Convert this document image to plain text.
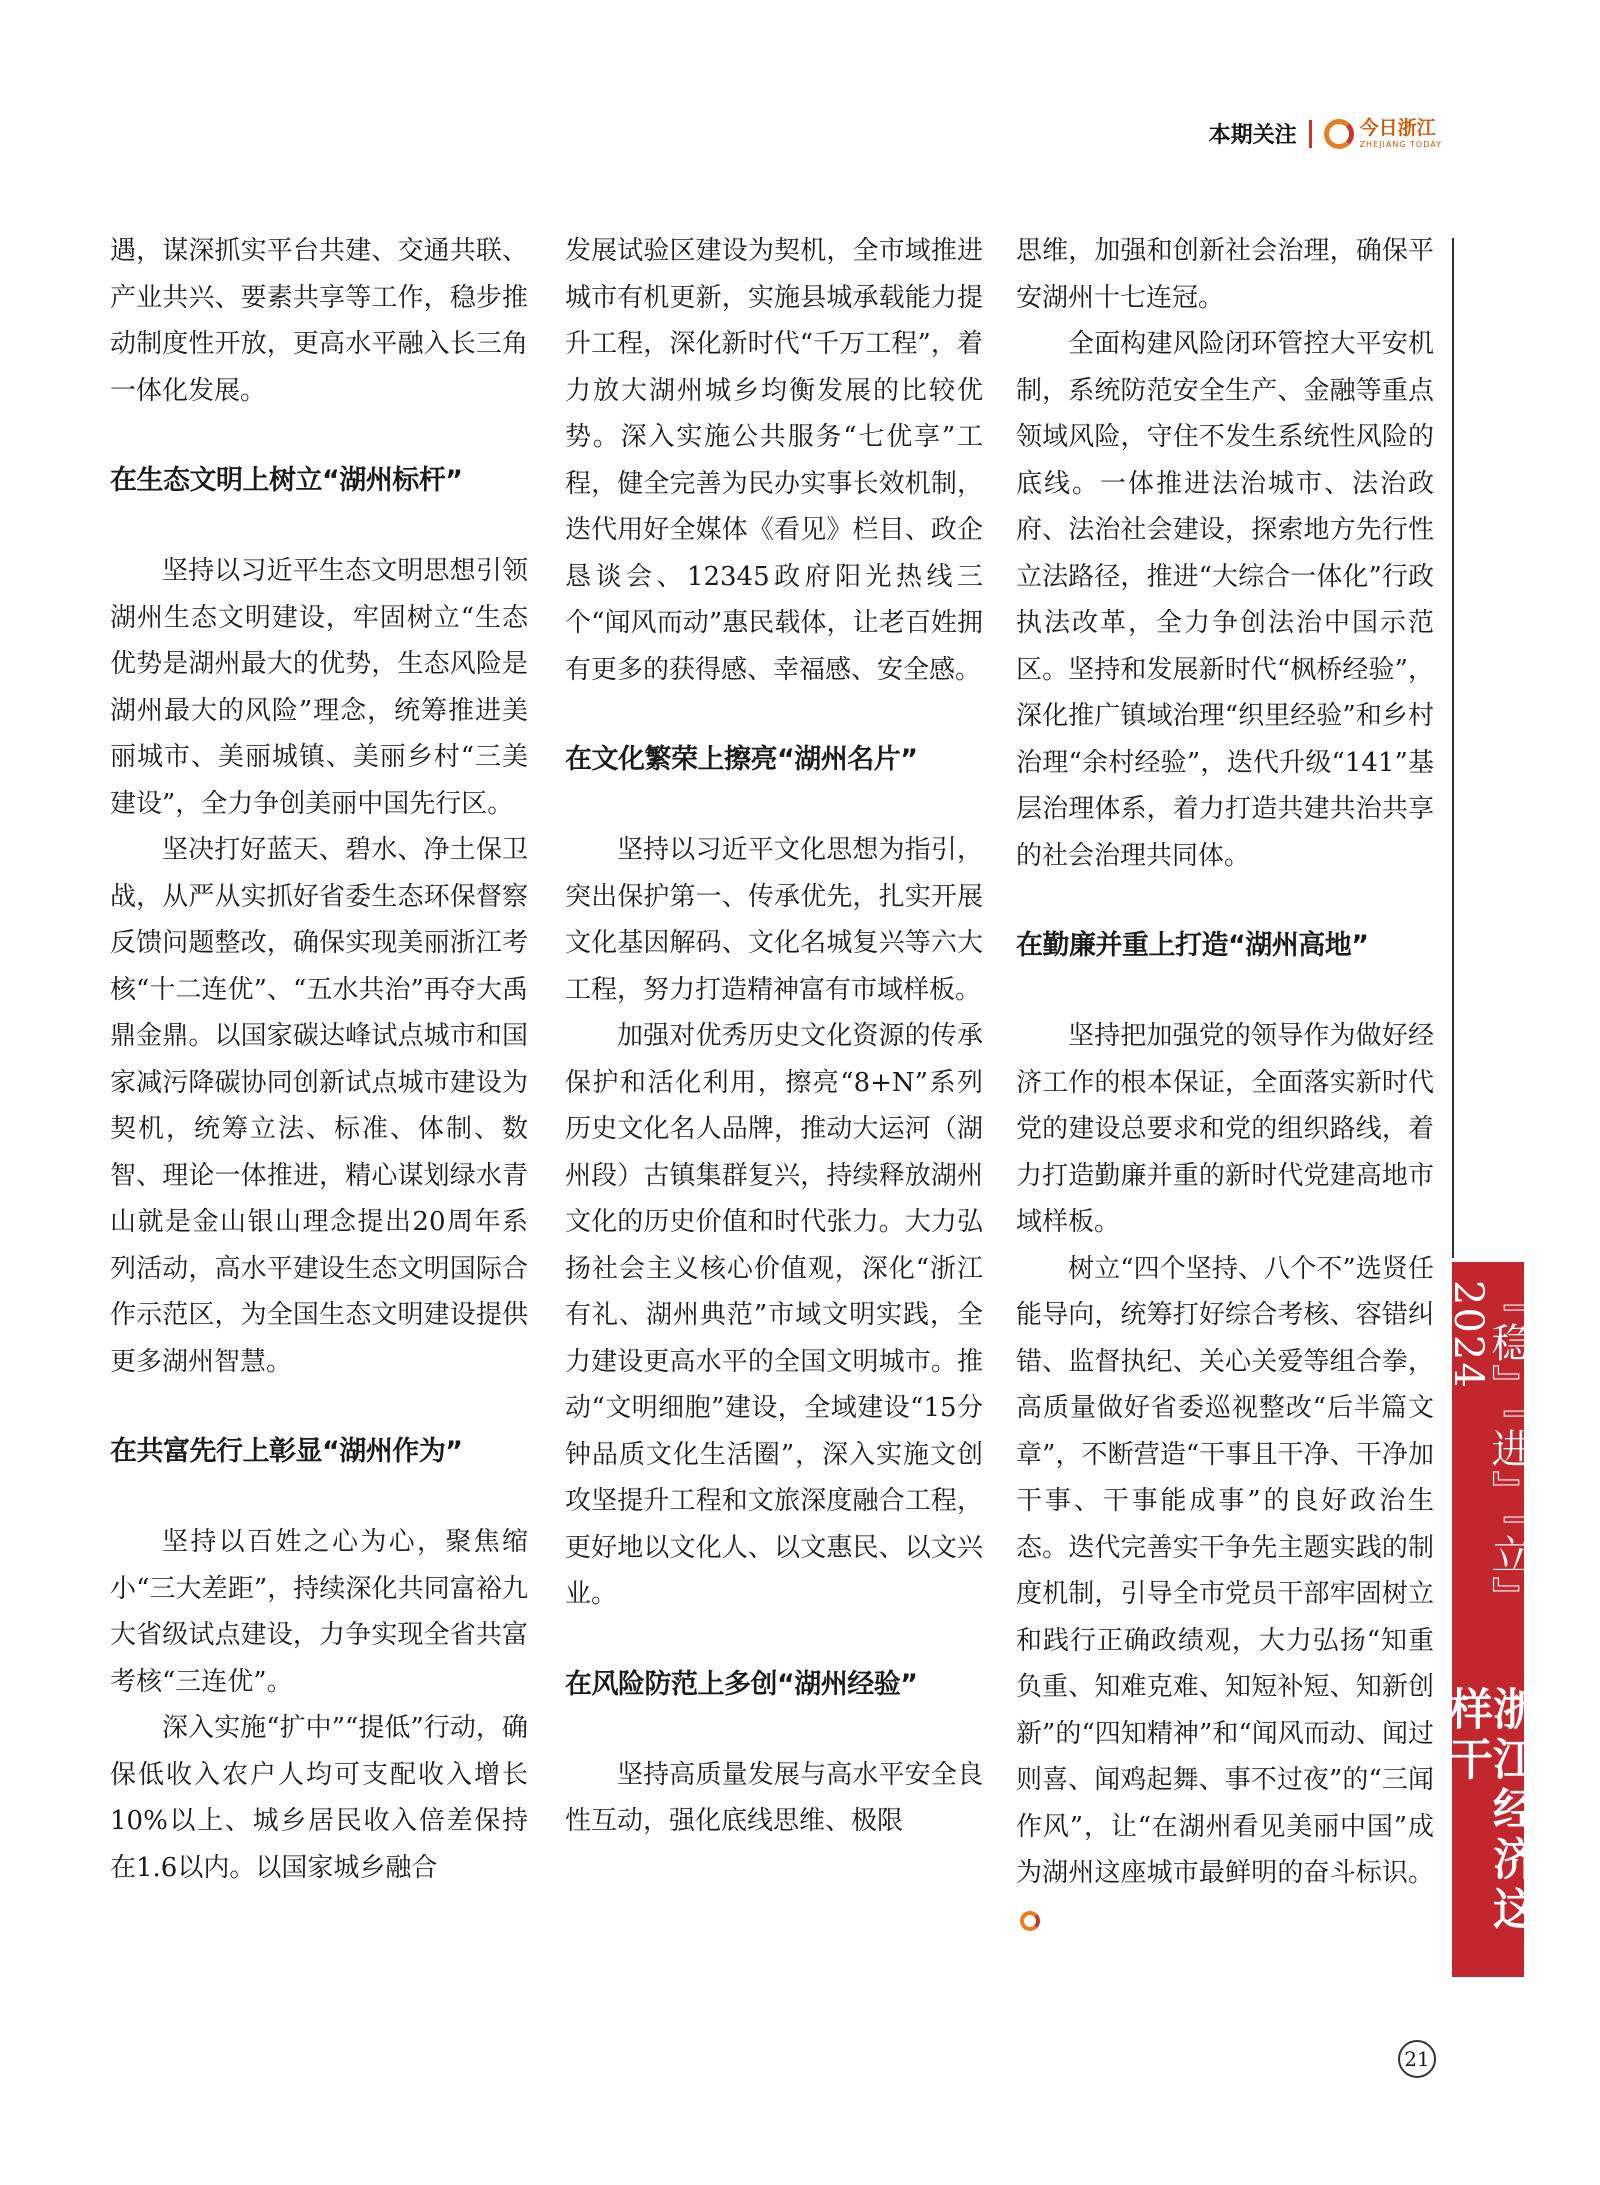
本期关注	今日浙江
ZHEJIANG TODAY

遇，谋深抓实平台共建、交通共联、产业共兴、要素共享等工作，稳步推动制度性开放，更高水平融入长三角一体化发展。

在生态文明上树立“湖州标杆”

坚持以习近平生态文明思想引领湖州生态文明建设，牢固树立“生态优势是湖州最大的优势，生态风险是湖州最大的风险”理念，统筹推进美丽城市、美丽城镇、美丽乡村“三美建设”，全力争创美丽中国先行区。

坚决打好蓝天、碧水、净土保卫战，从严从实抓好省委生态环保督察反馈问题整改，确保实现美丽浙江考核“十二连优”、“五水共治”再夺大禹鼎金鼎。以国家碳达峰试点城市和国家减污降碳协同创新试点城市建设为契机，统筹立法、标准、体制、数智、理论一体推进，精心谋划绿水青山就是金山银山理念提出20周年系列活动，高水平建设生态文明国际合作示范区，为全国生态文明建设提供更多湖州智慧。

在共富先行上彰显“湖州作为”

坚持以百姓之心为心，聚焦缩小“三大差距”，持续深化共同富裕九大省级试点建设，力争实现全省共富考核“三连优”。

深入实施“扩中”“提低”行动，确保低收入农户人均可支配收入增长10%以上、城乡居民收入倍差保持在1.6以内。以国家城乡融合

发展试验区建设为契机，全市域推进城市有机更新，实施县城承载能力提升工程，深化新时代“千万工程”，着力放大湖州城乡均衡发展的比较优势。深入实施公共服务“七优享”工程，健全完善为民办实事长效机制，迭代用好全媒体《看见》栏目、政企恳谈会、12345政府阳光热线三个“闻风而动”惠民载体，让老百姓拥有更多的获得感、幸福感、安全感。

在文化繁荣上擦亮“湖州名片”

坚持以习近平文化思想为指引，突出保护第一、传承优先，扎实开展文化基因解码、文化名城复兴等六大工程，努力打造精神富有市域样板。

加强对优秀历史文化资源的传承保护和活化利用，擦亮“8+N”系列历史文化名人品牌，推动大运河（湖州段）古镇集群复兴，持续释放湖州文化的历史价值和时代张力。大力弘扬社会主义核心价值观，深化“浙江有礼、湖州典范”市域文明实践，全力建设更高水平的全国文明城市。推动“文明细胞”建设，全域建设“15分钟品质文化生活圈”，深入实施文创攻坚提升工程和文旅深度融合工程，更好地以文化人、以文惠民、以文兴业。

在风险防范上多创“湖州经验”

坚持高质量发展与高水平安全良性互动，强化底线思维、极限

思维，加强和创新社会治理，确保平安湖州十七连冠。

全面构建风险闭环管控大平安机制，系统防范安全生产、金融等重点领域风险，守住不发生系统性风险的底线。一体推进法治城市、法治政府、法治社会建设，探索地方先行性立法路径，推进“大综合一体化”行政执法改革，全力争创法治中国示范区。坚持和发展新时代“枫桥经验”，深化推广镇域治理“织里经验”和乡村治理“余村经验”，迭代升级“141”基层治理体系，着力打造共建共治共享的社会治理共同体。

在勤廉并重上打造“湖州高地”

坚持把加强党的领导作为做好经济工作的根本保证，全面落实新时代党的建设总要求和党的组织路线，着力打造勤廉并重的新时代党建高地市域样板。

树立“四个坚持、八个不”选贤任能导向，统筹打好综合考核、容错纠错、监督执纪、关心关爱等组合拳，高质量做好省委巡视整改“后半篇文章”，不断营造“干事且干净、干净加干事、干事能成事”的良好政治生态。迭代完善实干争先主题实践的制度机制，引导全市党员干部牢固树立和践行正确政绩观，大力弘扬“知重负重、知难克难、知短补短、知新创新”的“四知精神”和“闻风而动、闻过则喜、闻鸡起舞、事不过夜”的“三闻作风”，让“在湖州看见美丽中国”成为湖州这座城市最鲜明的奋斗标识。

『稳』『进』『立』2024
浙江经济这样干
21
